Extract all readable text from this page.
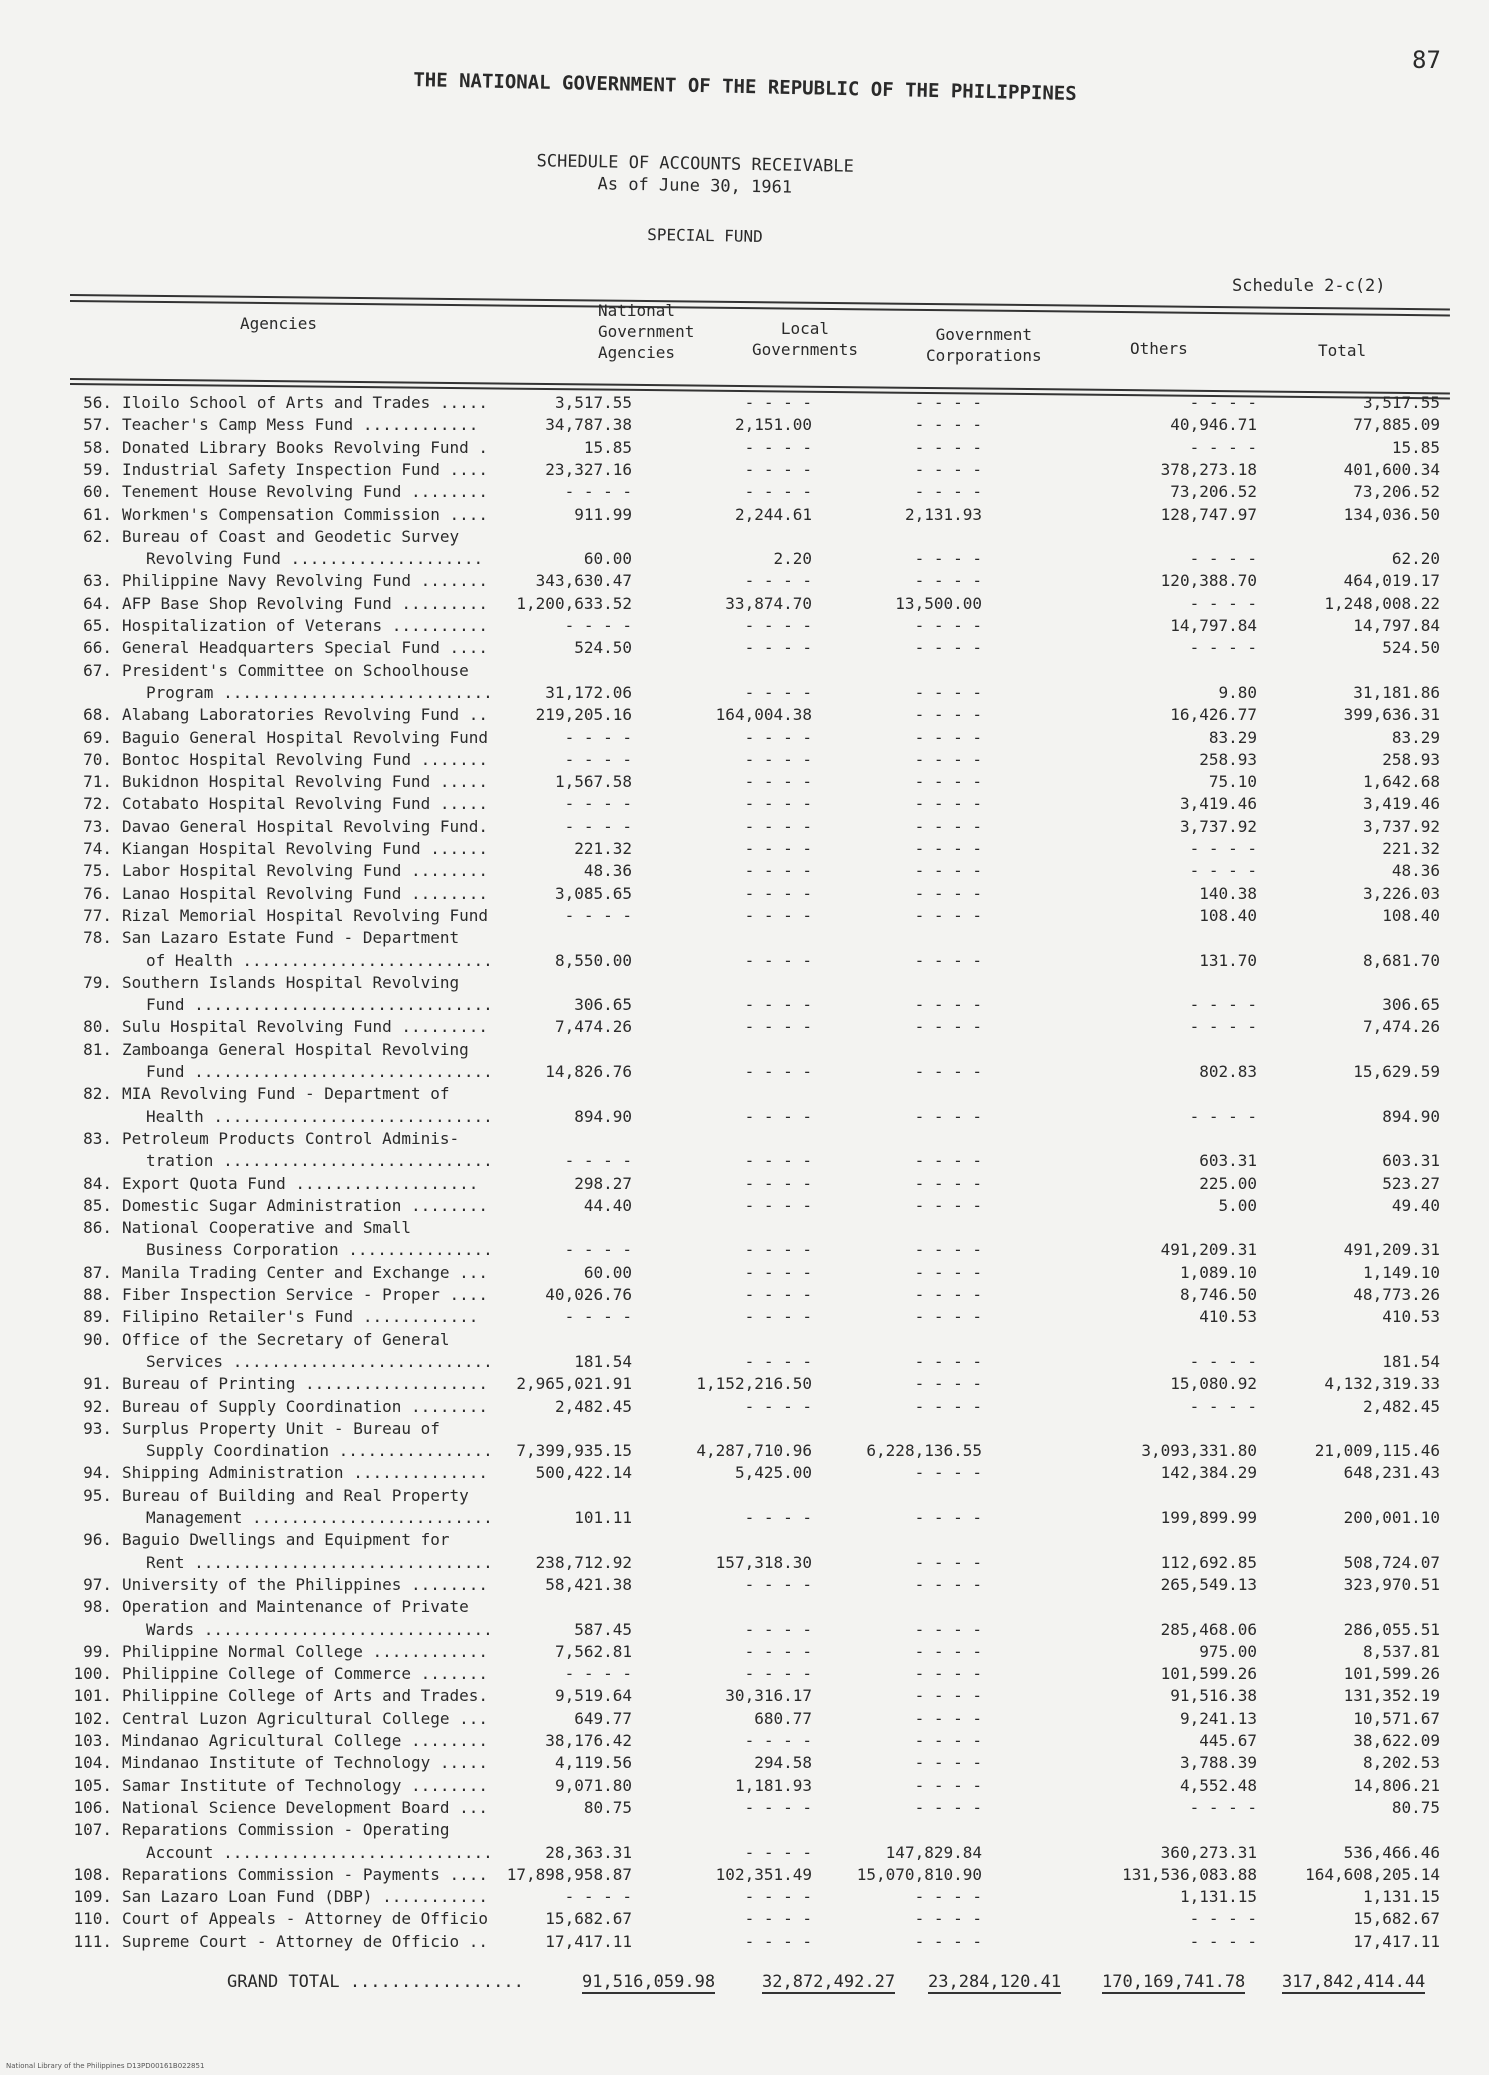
87
THE NATIONAL GOVERNMENT OF THE REPUBLIC OF THE PHILIPPINES
SCHEDULE OF ACCOUNTS RECEIVABLE
As of June 30, 1961
SPECIAL FUND
Schedule 2-c(2)
Agencies
National
Government
Agencies
Local
Governments
Government
Corporations	Others	Total
56. Iloilo School of Arts and Trades .....	3,517.55	- - - -	- - - -	- - - -	3,517.55
57. Teacher's Camp Mess Fund ............	34,787.38	2,151.00	- - - -	40,946.71	77,885.09
58. Donated Library Books Revolving Fund .	15.85	- - - -	- - - -	- - - -	15.85
59. Industrial Safety Inspection Fund ....	23,327.16	- - - -	- - - -	378,273.18	401,600.34
60. Tenement House Revolving Fund ........	- - - -	- - - -	- - - -	73,206.52	73,206.52
61. Workmen's Compensation Commission ....	911.99	2,244.61	2,131.93	128,747.97	134,036.50
62. Bureau of Coast and Geodetic Survey
Revolving Fund ....................	60.00	2.20	- - - -	- - - -	62.20
63. Philippine Navy Revolving Fund .......	343,630.47	- - - -	- - - -	120,388.70	464,019.17
64. AFP Base Shop Revolving Fund .........	1,200,633.52	33,874.70	13,500.00	- - - -	1,248,008.22
65. Hospitalization of Veterans ..........	- - - -	- - - -	- - - -	14,797.84	14,797.84
66. General Headquarters Special Fund ....	524.50	- - - -	- - - -	- - - -	524.50
67. President's Committee on Schoolhouse
Program ............................	31,172.06	- - - -	- - - -	9.80	31,181.86
68. Alabang Laboratories Revolving Fund ..	219,205.16	164,004.38	- - - -	16,426.77	399,636.31
69. Baguio General Hospital Revolving Fund	- - - -	- - - -	- - - -	83.29	83.29
70. Bontoc Hospital Revolving Fund .......	- - - -	- - - -	- - - -	258.93	258.93
71. Bukidnon Hospital Revolving Fund .....	1,567.58	- - - -	- - - -	75.10	1,642.68
72. Cotabato Hospital Revolving Fund .....	- - - -	- - - -	- - - -	3,419.46	3,419.46
73. Davao General Hospital Revolving Fund.	- - - -	- - - -	- - - -	3,737.92	3,737.92
74. Kiangan Hospital Revolving Fund ......	221.32	- - - -	- - - -	- - - -	221.32
75. Labor Hospital Revolving Fund ........	48.36	- - - -	- - - -	- - - -	48.36
76. Lanao Hospital Revolving Fund ........	3,085.65	- - - -	- - - -	140.38	3,226.03
77. Rizal Memorial Hospital Revolving Fund	- - - -	- - - -	- - - -	108.40	108.40
78. San Lazaro Estate Fund - Department
of Health ..........................	8,550.00	- - - -	- - - -	131.70	8,681.70
79. Southern Islands Hospital Revolving
Fund ...............................	306.65	- - - -	- - - -	- - - -	306.65
80. Sulu Hospital Revolving Fund .........	7,474.26	- - - -	- - - -	- - - -	7,474.26
81. Zamboanga General Hospital Revolving
Fund ...............................	14,826.76	- - - -	- - - -	802.83	15,629.59
82. MIA Revolving Fund - Department of
Health .............................	894.90	- - - -	- - - -	- - - -	894.90
83. Petroleum Products Control Adminis-
tration ............................	- - - -	- - - -	- - - -	603.31	603.31
84. Export Quota Fund ...................	298.27	- - - -	- - - -	225.00	523.27
85. Domestic Sugar Administration ........	44.40	- - - -	- - - -	5.00	49.40
86. National Cooperative and Small
Business Corporation ...............	- - - -	- - - -	- - - -	491,209.31	491,209.31
87. Manila Trading Center and Exchange ...	60.00	- - - -	- - - -	1,089.10	1,149.10
88. Fiber Inspection Service - Proper ....	40,026.76	- - - -	- - - -	8,746.50	48,773.26
89. Filipino Retailer's Fund ............	- - - -	- - - -	- - - -	410.53	410.53
90. Office of the Secretary of General
Services ...........................	181.54	- - - -	- - - -	- - - -	181.54
91. Bureau of Printing ...................	2,965,021.91	1,152,216.50	- - - -	15,080.92	4,132,319.33
92. Bureau of Supply Coordination ........	2,482.45	- - - -	- - - -	- - - -	2,482.45
93. Surplus Property Unit - Bureau of
Supply Coordination ................	7,399,935.15	4,287,710.96	6,228,136.55	3,093,331.80	21,009,115.46
94. Shipping Administration ..............	500,422.14	5,425.00	- - - -	142,384.29	648,231.43
95. Bureau of Building and Real Property
Management .........................	101.11	- - - -	- - - -	199,899.99	200,001.10
96. Baguio Dwellings and Equipment for
Rent ...............................	238,712.92	157,318.30	- - - -	112,692.85	508,724.07
97. University of the Philippines ........	58,421.38	- - - -	- - - -	265,549.13	323,970.51
98. Operation and Maintenance of Private
Wards ..............................	587.45	- - - -	- - - -	285,468.06	286,055.51
99. Philippine Normal College ............	7,562.81	- - - -	- - - -	975.00	8,537.81
100. Philippine College of Commerce .......	- - - -	- - - -	- - - -	101,599.26	101,599.26
101. Philippine College of Arts and Trades.	9,519.64	30,316.17	- - - -	91,516.38	131,352.19
102. Central Luzon Agricultural College ...	649.77	680.77	- - - -	9,241.13	10,571.67
103. Mindanao Agricultural College ........	38,176.42	- - - -	- - - -	445.67	38,622.09
104. Mindanao Institute of Technology .....	4,119.56	294.58	- - - -	3,788.39	8,202.53
105. Samar Institute of Technology ........	9,071.80	1,181.93	- - - -	4,552.48	14,806.21
106. National Science Development Board ...	80.75	- - - -	- - - -	- - - -	80.75
107. Reparations Commission - Operating
Account ............................	28,363.31	- - - -	147,829.84	360,273.31	536,466.46
108. Reparations Commission - Payments ....	17,898,958.87	102,351.49	15,070,810.90	131,536,083.88	164,608,205.14
109. San Lazaro Loan Fund (DBP) ...........	- - - -	- - - -	- - - -	1,131.15	1,131.15
110. Court of Appeals - Attorney de Officio	15,682.67	- - - -	- - - -	- - - -	15,682.67
111. Supreme Court - Attorney de Officio ..	17,417.11	- - - -	- - - -	- - - -	17,417.11
GRAND TOTAL .................	91,516,059.98	32,872,492.27 23,284,120.41 170,169,741.78 317,842,414.44
National Library of the Philippines D13PD00161B022851
